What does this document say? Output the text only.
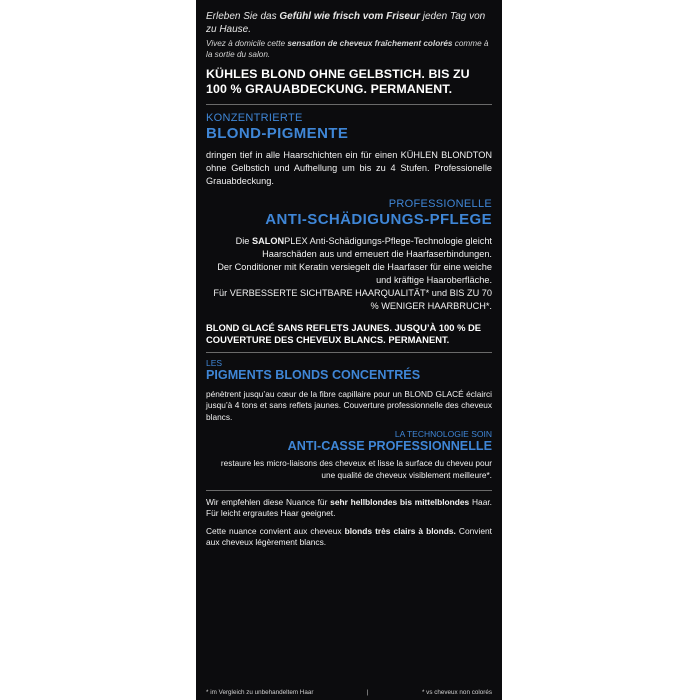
Erleben Sie das Gefühl wie frisch vom Friseur jeden Tag von zu Hause.
Vivez à domicile cette sensation de cheveux fraîchement colorés comme à la sortie du salon.
KÜHLES BLOND OHNE GELBSTICH. BIS ZU 100 % GRAUABDECKUNG. PERMANENT.
KONZENTRIERTE
BLOND-PIGMENTE
dringen tief in alle Haarschichten ein für einen KÜHLEN BLONDTON ohne Gelbstich und Aufhellung um bis zu 4 Stufen. Professionelle Grauabdeckung.
PROFESSIONELLE
ANTI-SCHÄDIGUNGS-PFLEGE
Die SALONPLEX Anti-Schädigungs-Pflege-Technologie gleicht Haarschäden aus und erneuert die Haarfaserbindungen.
Der Conditioner mit Keratin versiegelt die Haarfaser für eine weiche und kräftige Haaroberfläche.
Für VERBESSERTE SICHTBARE HAARQUALITÄT* und BIS ZU 70 % WENIGER HAARBRUCH*.
BLOND GLACÉ SANS REFLETS JAUNES. JUSQU’À 100 % DE COUVERTURE DES CHEVEUX BLANCS. PERMANENT.
LES
PIGMENTS BLONDS CONCENTRÉS
pénètrent jusqu’au cœur de la fibre capillaire pour un BLOND GLACÉ éclairci jusqu’à 4 tons et sans reflets jaunes. Couverture professionnelle des cheveux blancs.
LA TECHNOLOGIE SOIN
ANTI-CASSE PROFESSIONNELLE
restaure les micro-liaisons des cheveux et lisse la surface du cheveu pour une qualité de cheveux visiblement meilleure*.
Wir empfehlen diese Nuance für sehr hellblondes bis mittelblondes Haar. Für leicht ergrautes Haar geeignet.
Cette nuance convient aux cheveux blonds très clairs à blonds. Convient aux cheveux légèrement blancs.
* im Vergleich zu unbehandeltem Haar	|	* vs cheveux non colorés
